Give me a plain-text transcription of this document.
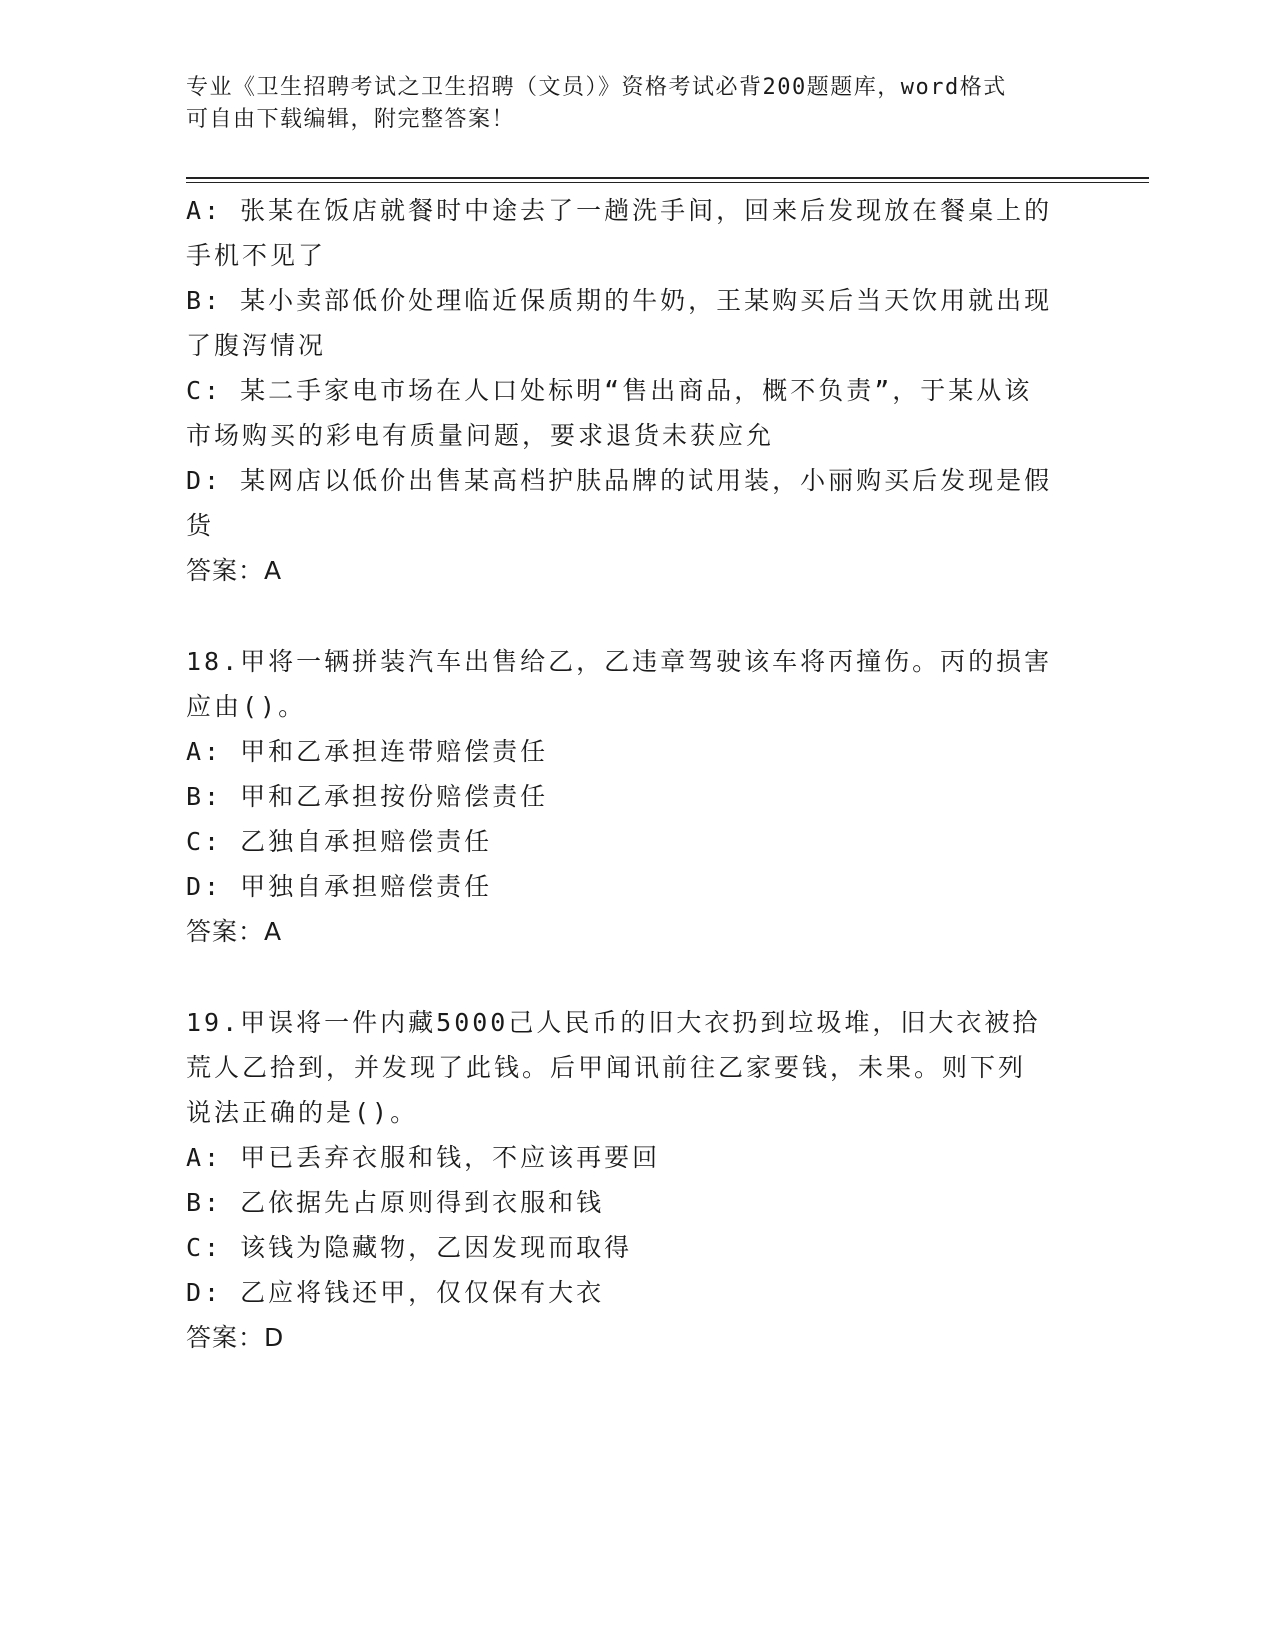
专业《卫生招聘考试之卫生招聘（文员）》资格考试必背200题题库，word格式
可自由下载编辑，附完整答案！
A: 张某在饭店就餐时中途去了一趟洗手间，回来后发现放在餐桌上的
手机不见了
B: 某小卖部低价处理临近保质期的牛奶，王某购买后当天饮用就出现
了腹泻情况
C: 某二手家电市场在人口处标明“售出商品，概不负责”，于某从该
市场购买的彩电有质量问题，要求退货未获应允
D: 某网店以低价出售某高档护肤品牌的试用装，小丽购买后发现是假
货
答案：A
18.甲将一辆拼装汽车出售给乙，乙违章驾驶该车将丙撞伤。丙的损害
应由()。
A: 甲和乙承担连带赔偿责任
B: 甲和乙承担按份赔偿责任
C: 乙独自承担赔偿责任
D: 甲独自承担赔偿责任
答案：A
19.甲误将一件内藏5000己人民币的旧大衣扔到垃圾堆，旧大衣被拾
荒人乙拾到，并发现了此钱。后甲闻讯前往乙家要钱，未果。则下列
说法正确的是()。
A: 甲已丢弃衣服和钱，不应该再要回
B: 乙依据先占原则得到衣服和钱
C: 该钱为隐藏物，乙因发现而取得
D: 乙应将钱还甲，仅仅保有大衣
答案：D
